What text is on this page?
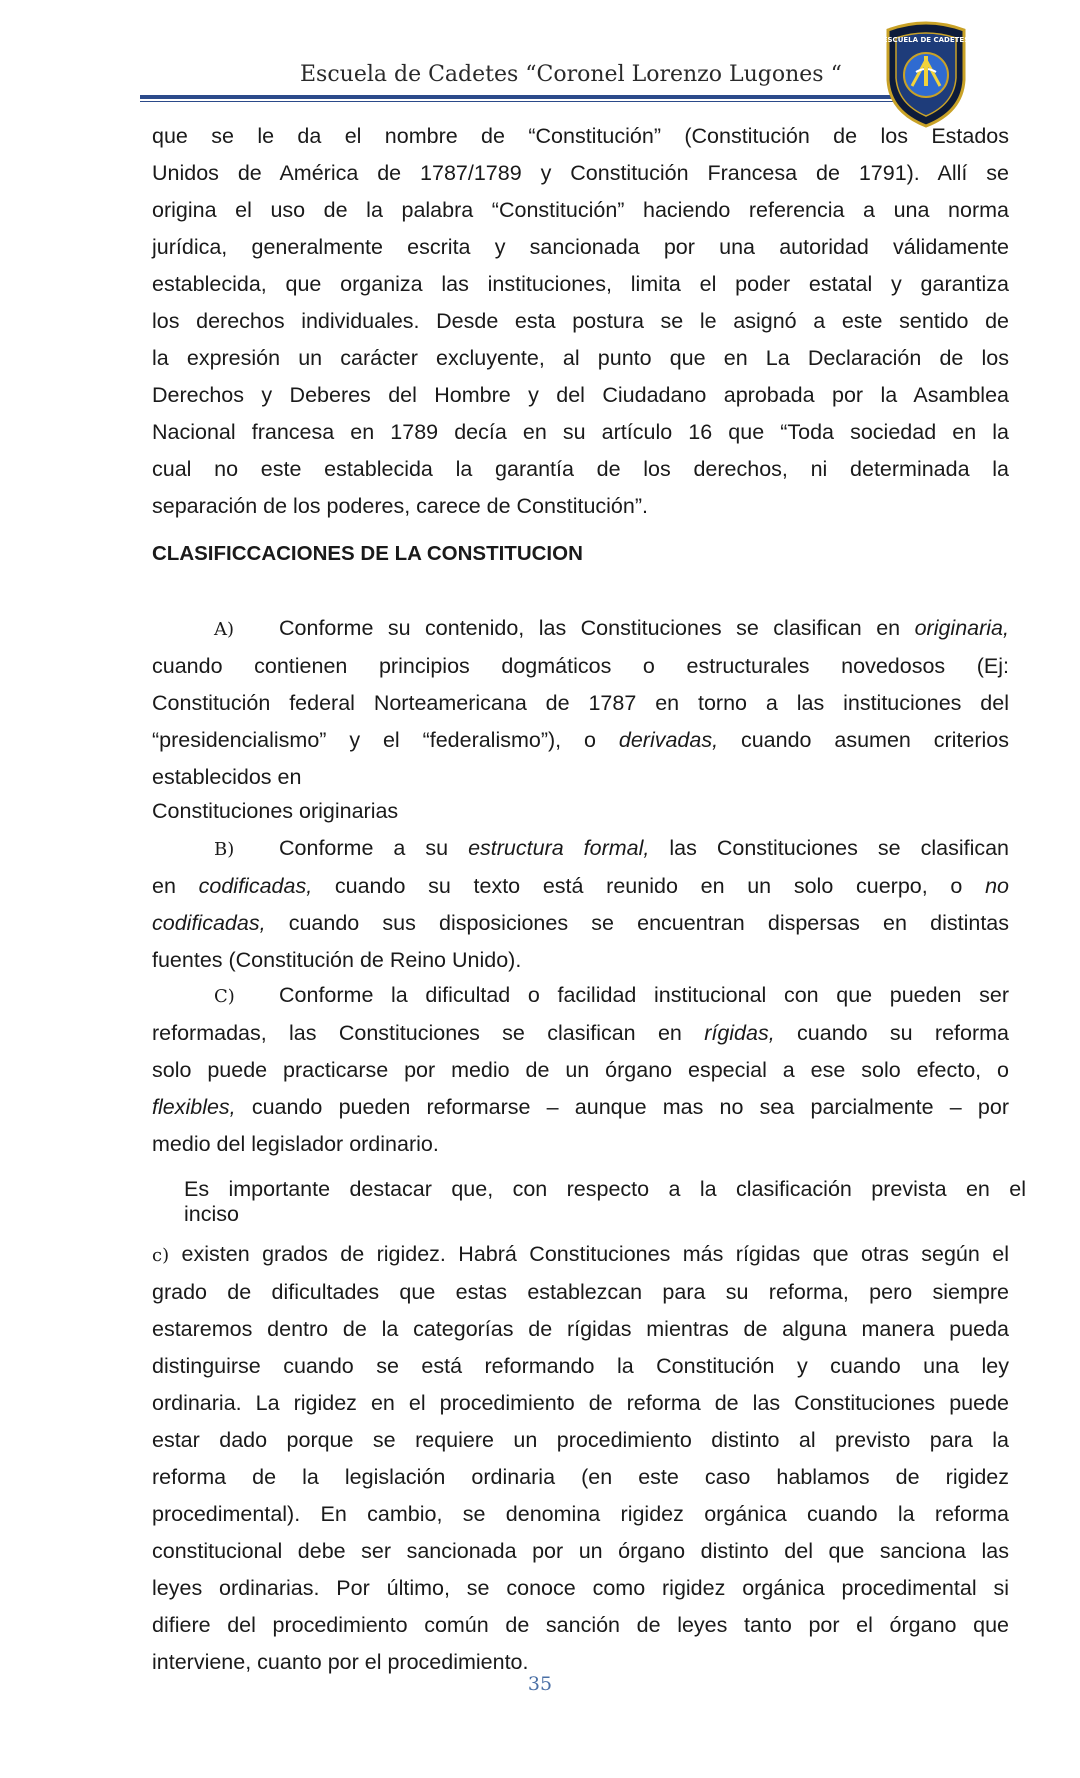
Escuela de Cadetes “Coronel Lorenzo Lugones “
ESCUELA DE CADETES
que se le da el nombre de “Constitución” (Constitución de los Estados
Unidos de América de 1787/1789 y Constitución Francesa de 1791). Allí se
origina el uso de la palabra “Constitución” haciendo referencia a una norma
jurídica, generalmente escrita y sancionada por una autoridad válidamente
establecida, que organiza las instituciones, limita el poder estatal y garantiza
los derechos individuales. Desde esta postura se le asignó a este sentido de
la expresión un carácter excluyente, al punto que en La Declaración de los
Derechos y Deberes del Hombre y del Ciudadano aprobada por la Asamblea
Nacional francesa en 1789 decía en su artículo 16 que “Toda sociedad en la
cual no este establecida la garantía de los derechos, ni determinada la
separación de los poderes, carece de Constitución”.
CLASIFICCACIONES DE LA CONSTITUCION
A) Conforme su contenido, las Constituciones se clasifican en originaria,
cuando contienen principios dogmáticos o estructurales novedosos (Ej:
Constitución federal Norteamericana de 1787 en torno a las instituciones del
“presidencialismo” y el “federalismo”), o derivadas, cuando asumen criterios
establecidos en
Constituciones originarias
B) Conforme a su estructura formal, las Constituciones se clasifican
en codificadas, cuando su texto está reunido en un solo cuerpo, o no
codificadas, cuando sus disposiciones se encuentran dispersas en distintas
fuentes (Constitución de Reino Unido).
C) Conforme la dificultad o facilidad institucional con que pueden ser
reformadas, las Constituciones se clasifican en rígidas, cuando su reforma
solo puede practicarse por medio de un órgano especial a ese solo efecto, o
flexibles, cuando pueden reformarse – aunque mas no sea parcialmente – por
medio del legislador ordinario.
Es importante destacar que, con respecto a la clasificación prevista en el
inciso
c) existen grados de rigidez. Habrá Constituciones más rígidas que otras según el
grado de dificultades que estas establezcan para su reforma, pero siempre
estaremos dentro de la categorías de rígidas mientras de alguna manera pueda
distinguirse cuando se está reformando la Constitución y cuando una ley
ordinaria. La rigidez en el procedimiento de reforma de las Constituciones puede
estar dado porque se requiere un procedimiento distinto al previsto para la
reforma de la legislación ordinaria (en este caso hablamos de rigidez
procedimental). En cambio, se denomina rigidez orgánica cuando la reforma
constitucional debe ser sancionada por un órgano distinto del que sanciona las
leyes ordinarias. Por último, se conoce como rigidez orgánica procedimental si
difiere del procedimiento común de sanción de leyes tanto por el órgano que
interviene, cuanto por el procedimiento.
35
